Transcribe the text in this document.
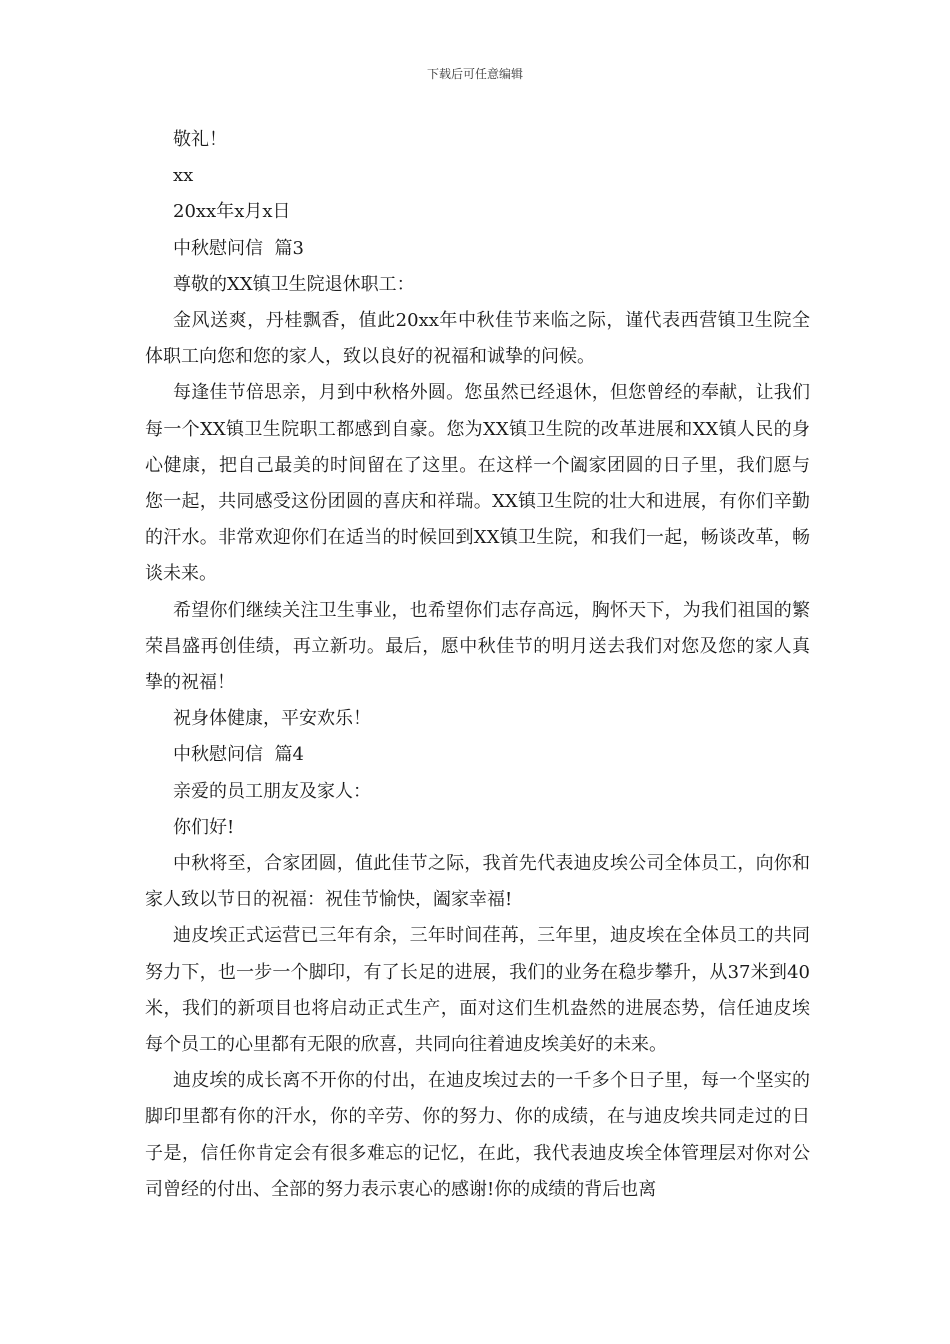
下载后可任意编辑

敬礼！

xx

20xx年x月x日

中秋慰问信  篇3

尊敬的XX镇卫生院退休职工：

金风送爽，丹桂飘香，值此20xx年中秋佳节来临之际，谨代表西营镇卫生院全体职工向您和您的家人，致以良好的祝福和诚挚的问候。

每逢佳节倍思亲，月到中秋格外圆。您虽然已经退休，但您曾经的奉献，让我们每一个XX镇卫生院职工都感到自豪。您为XX镇卫生院的改革进展和XX镇人民的身心健康，把自己最美的时间留在了这里。在这样一个阖家团圆的日子里，我们愿与您一起，共同感受这份团圆的喜庆和祥瑞。XX镇卫生院的壮大和进展，有你们辛勤的汗水。非常欢迎你们在适当的时候回到XX镇卫生院，和我们一起，畅谈改革，畅谈未来。

希望你们继续关注卫生事业，也希望你们志存高远，胸怀天下，为我们祖国的繁荣昌盛再创佳绩，再立新功。最后，愿中秋佳节的明月送去我们对您及您的家人真挚的祝福！

祝身体健康，平安欢乐！

中秋慰问信  篇4

亲爱的员工朋友及家人：

你们好!

中秋将至，合家团圆，值此佳节之际，我首先代表迪皮埃公司全体员工，向你和家人致以节日的祝福：祝佳节愉快，阖家幸福!

迪皮埃正式运营已三年有余，三年时间荏苒，三年里，迪皮埃在全体员工的共同努力下，也一步一个脚印，有了长足的进展，我们的业务在稳步攀升，从37米到40米，我们的新项目也将启动正式生产，面对这们生机盎然的进展态势，信任迪皮埃每个员工的心里都有无限的欣喜，共同向往着迪皮埃美好的未来。

迪皮埃的成长离不开你的付出，在迪皮埃过去的一千多个日子里，每一个坚实的脚印里都有你的汗水，你的辛劳、你的努力、你的成绩，在与迪皮埃共同走过的日子是，信任你肯定会有很多难忘的记忆，在此，我代表迪皮埃全体管理层对你对公司曾经的付出、全部的努力表示衷心的感谢!你的成绩的背后也离
